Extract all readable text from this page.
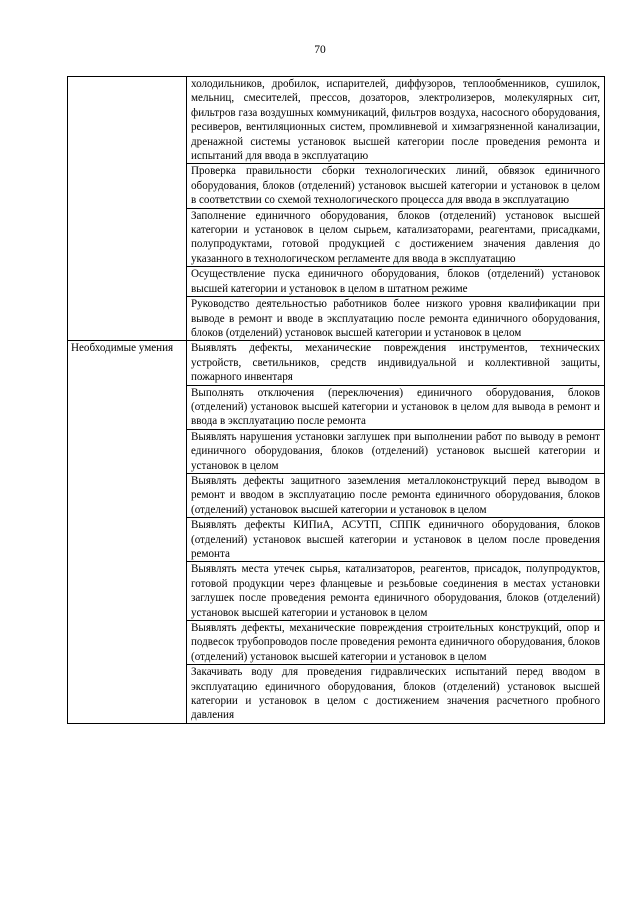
70
	холодильников, дробилок, испарителей, диффузоров, теплообменников, сушилок, мельниц, смесителей, прессов, дозаторов, электролизеров, молекулярных сит, фильтров газа воздушных коммуникаций, фильтров воздуха, насосного оборудования, ресиверов, вентиляционных систем, промливневой и химзагрязненной канализации, дренажной системы установок высшей категории после проведения ремонта и испытаний для ввода в эксплуатацию
	Проверка правильности сборки технологических линий, обвязок единичного оборудования, блоков (отделений) установок высшей категории и установок в целом в соответствии со схемой технологического процесса для ввода в эксплуатацию
	Заполнение единичного оборудования, блоков (отделений) установок высшей категории и установок в целом сырьем, катализаторами, реагентами, присадками, полупродуктами, готовой продукцией с достижением значения давления до указанного в технологическом регламенте для ввода в эксплуатацию
	Осуществление пуска единичного оборудования, блоков (отделений) установок высшей категории и установок в целом в штатном режиме
	Руководство деятельностью работников более низкого уровня квалификации при выводе в ремонт и вводе в эксплуатацию после ремонта единичного оборудования, блоков (отделений) установок высшей категории и установок в целом
Необходимые умения	Выявлять дефекты, механические повреждения инструментов, технических устройств, светильников, средств индивидуальной и коллективной защиты, пожарного инвентаря
	Выполнять отключения (переключения) единичного оборудования, блоков (отделений) установок высшей категории и установок в целом для вывода в ремонт и ввода в эксплуатацию после ремонта
	Выявлять нарушения установки заглушек при выполнении работ по выводу в ремонт единичного оборудования, блоков (отделений) установок высшей категории и установок в целом
	Выявлять дефекты защитного заземления металлоконструкций перед выводом в ремонт и вводом в эксплуатацию после ремонта единичного оборудования, блоков (отделений) установок высшей категории и установок в целом
	Выявлять дефекты КИПиА, АСУТП, СППК единичного оборудования, блоков (отделений) установок высшей категории и установок в целом после проведения ремонта
	Выявлять места утечек сырья, катализаторов, реагентов, присадок, полупродуктов, готовой продукции через фланцевые и резьбовые соединения в местах установки заглушек после проведения ремонта единичного оборудования, блоков (отделений) установок высшей категории и установок в целом
	Выявлять дефекты, механические повреждения строительных конструкций, опор и подвесок трубопроводов после проведения ремонта единичного оборудования, блоков (отделений) установок высшей категории и установок в целом
	Закачивать воду для проведения гидравлических испытаний перед вводом в эксплуатацию единичного оборудования, блоков (отделений) установок высшей категории и установок в целом с достижением значения расчетного пробного давления
